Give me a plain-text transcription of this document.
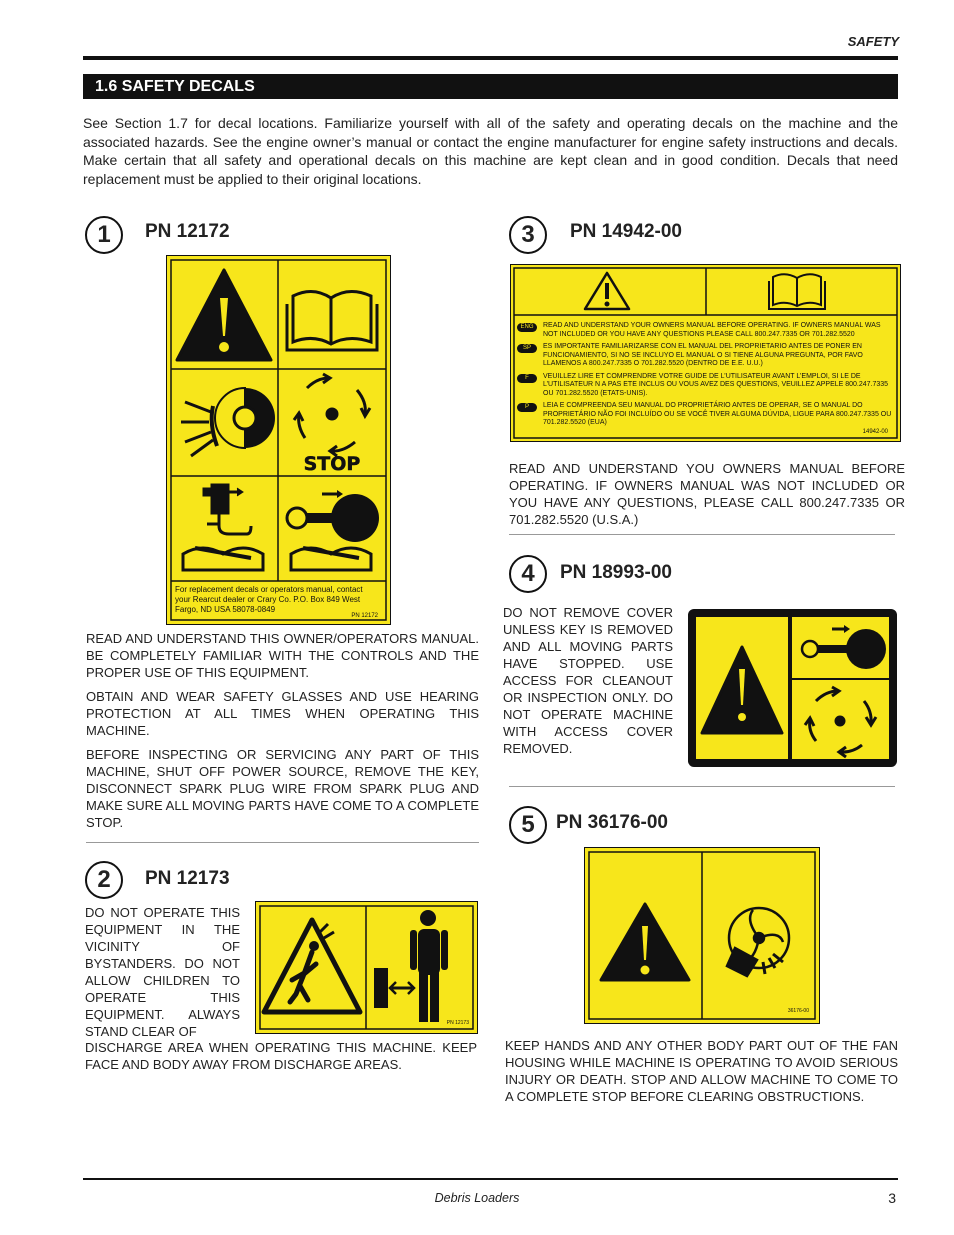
SAFETY
1.6 SAFETY DECALS
See Section 1.7 for decal locations. Familiarize yourself with all of the safety and operating decals on the machine and the associated hazards. See the engine owner’s manual or contact the engine manufacturer for engine safety instructions and decals. Make certain that all safety and operational decals on this machine are kept clean and in good condition. Decals that need replacement must be applied to their original locations.
1	PN 12172
STOP
For replacement decals or operators manual, contact your Rearcut dealer or Crary Co. P.O. Box 849 West Fargo, ND USA 58078-0849
PN 12172
READ AND UNDERSTAND THIS OWNER/OPERATORS MANUAL. BE COMPLETELY FAMILIAR WITH THE CONTROLS AND THE PROPER USE OF THIS EQUIPMENT.
OBTAIN AND WEAR SAFETY GLASSES AND USE HEARING PROTECTION AT ALL TIMES WHEN OPERATING THIS MACHINE.
BEFORE INSPECTING OR SERVICING ANY PART OF THIS MACHINE, SHUT OFF POWER SOURCE, REMOVE THE KEY, DISCONNECT SPARK PLUG WIRE FROM SPARK PLUG AND MAKE SURE ALL MOVING PARTS HAVE COME TO A COMPLETE STOP.
2	PN 12173
DO NOT OPERATE THIS EQUIPMENT IN THE VICINITY OF BYSTANDERS. DO NOT ALLOW CHILDREN TO OPERATE THIS EQUIPMENT. ALWAYS STAND CLEAR OF
PN 12173
DISCHARGE AREA WHEN OPERATING THIS MACHINE. KEEP FACE AND BODY AWAY FROM DISCHARGE AREAS.
3	PN 14942-00
ENG	READ AND UNDERSTAND YOUR OWNERS MANUAL BEFORE OPERATING. IF OWNERS MANUAL WAS NOT INCLUDED OR YOU HAVE ANY QUESTIONS PLEASE CALL 800.247.7335 OR 701.282.5520
SP	ES IMPORTANTE FAMILIARIZARSE CON EL MANUAL DEL PROPRIETARIO ANTES DE PONER EN FUNCIONAMIENTO, SI NO SE INCLUYO EL MANUAL O SI TIENE ALGUNA PREGUNTA, POR FAVO LLAMENOS A 800.247.7335 O 701.282.5520 (DENTRO DE E.E. U.U.)
F	VEUILLEZ LIRE ET COMPRENDRE VOTRE GUIDE DE L’UTILISATEUR AVANT L’EMPLOI, SI LE DE L’UTILISATEUR N A PAS ETE INCLUS OU VOUS AVEZ DES QUESTIONS, VEUILLEZ APPELE 800.247.7335 OU 701.282.5520 (ETATS-UNIS).
P	LEIA E COMPREENDA SEU MANUAL DO PROPRIETÁRIO ANTES DE OPERAR, SE O MANUAL DO PROPRIETÁRIO NÃO FOI INCLUÍDO OU SE VOCÊ TIVER ALGUMA DÚVIDA, LIGUE PARA 800.247.7335 OU 701.282.5520 (EUA)
14942-00
READ AND UNDERSTAND YOU OWNERS MANUAL BEFORE OPERATING. IF OWNERS MANUAL WAS NOT INCLUDED OR YOU HAVE ANY QUESTIONS, PLEASE CALL 800.247.7335 OR 701.282.5520 (U.S.A.)
4	PN 18993-00
DO NOT REMOVE COVER UNLESS KEY IS REMOVED AND ALL MOVING PARTS HAVE STOPPED. USE ACCESS FOR CLEANOUT OR INSPECTION ONLY. DO NOT OPERATE MACHINE WITH ACCESS COVER REMOVED.
5	PN 36176-00
36176-00
KEEP HANDS AND ANY OTHER BODY PART OUT OF THE FAN HOUSING WHILE MACHINE IS OPERATING TO AVOID SERIOUS INJURY OR DEATH. STOP AND ALLOW MACHINE TO COME TO A COMPLETE STOP BEFORE CLEARING OBSTRUCTIONS.
Debris Loaders	3
